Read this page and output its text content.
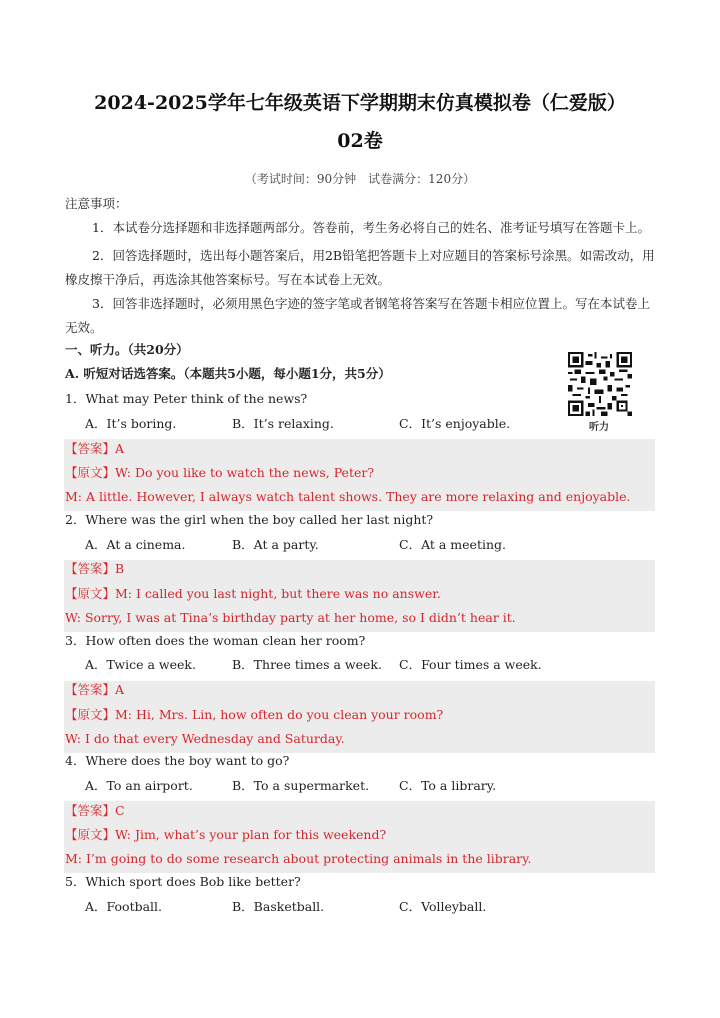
2024-2025学年七年级英语下学期期末仿真模拟卷（仁爱版）
02卷
（考试时间：90分钟　试卷满分：120分）
注意事项：
1．本试卷分选择题和非选择题两部分。答卷前，考生务必将自己的姓名、准考证号填写在答题卡上。
2．回答选择题时，选出每小题答案后，用2B铅笔把答题卡上对应题目的答案标号涂黑。如需改动，用橡皮擦干净后，再选涂其他答案标号。写在本试卷上无效。
3．回答非选择题时，必须用黑色字迹的签字笔或者钢笔将答案写在答题卡相应位置上。写在本试卷上无效。
一、听力。（共20分）
A. 听短对话选答案。（本题共5小题，每小题1分，共5分）
听力
1．What may Peter think of the news?
A．It’s boring.	B．It’s relaxing.	C．It’s enjoyable.
【答案】A
【原文】W: Do you like to watch the news, Peter?
M: A little. However, I always watch talent shows. They are more relaxing and enjoyable.
2．Where was the girl when the boy called her last night?
A．At a cinema.	B．At a party.	C．At a meeting.
【答案】B
【原文】M: I called you last night, but there was no answer.
W: Sorry, I was at Tina’s birthday party at her home, so I didn’t hear it.
3．How often does the woman clean her room?
A．Twice a week.	B．Three times a week. C．Four times a week.
【答案】A
【原文】M: Hi, Mrs. Lin, how often do you clean your room?
W: I do that every Wednesday and Saturday.
4．Where does the boy want to go?
A．To an airport.	B．To a supermarket. C．To a library.
【答案】C
【原文】W: Jim, what’s your plan for this weekend?
M: I’m going to do some research about protecting animals in the library.
5．Which sport does Bob like better?
A．Football.	B．Basketball.	C．Volleyball.
